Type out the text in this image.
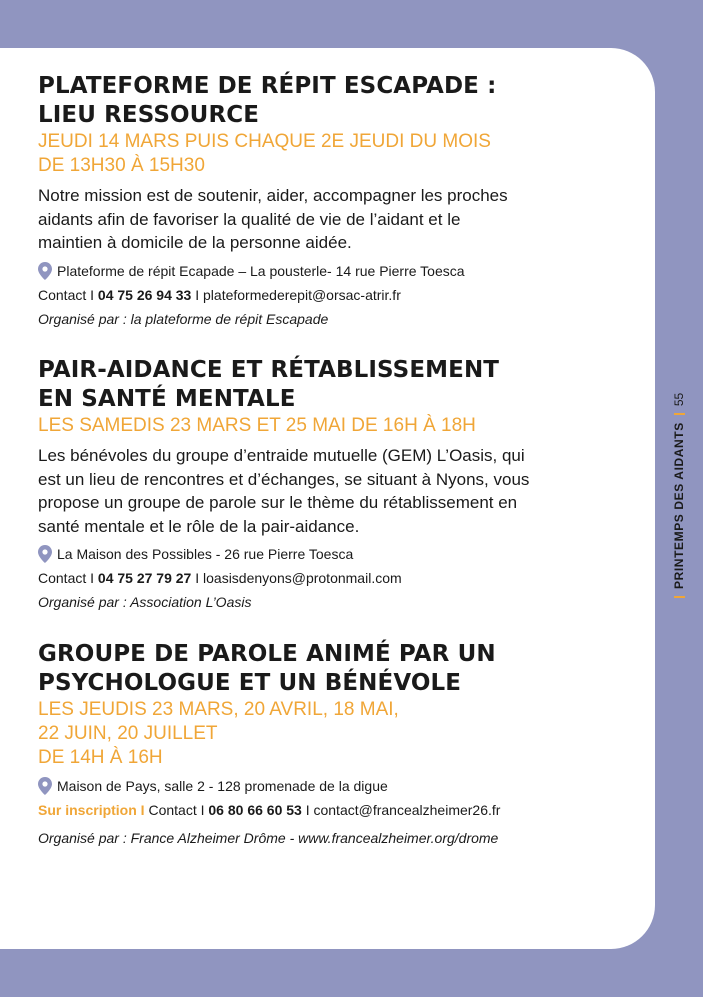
PLATEFORME DE RÉPIT ESCAPADE :
LIEU RESSOURCE

JEUDI 14 MARS PUIS CHAQUE 2E JEUDI DU MOIS
DE 13H30 À 15H30

Notre mission est de soutenir, aider, accompagner les proches
aidants afin de favoriser la qualité de vie de l’aidant et le
maintien à domicile de la personne aidée.

Plateforme de répit Ecapade – La pousterle- 14 rue Pierre Toesca

Contact I 04 75 26 94 33 I plateformederepit@orsac-atrir.fr

Organisé par : la plateforme de répit Escapade

PAIR-AIDANCE ET RÉTABLISSEMENT
EN SANTÉ MENTALE

LES SAMEDIS 23 MARS ET 25 MAI DE 16H À 18H

Les bénévoles du groupe d’entraide mutuelle (GEM) L’Oasis, qui
est un lieu de rencontres et d’échanges, se situant à Nyons, vous
propose un groupe de parole sur le thème du rétablissement en
santé mentale et le rôle de la pair-aidance.

La Maison des Possibles - 26 rue Pierre Toesca

Contact I 04 75 27 79 27 I loasisdenyons@protonmail.com

Organisé par : Association L’Oasis

GROUPE DE PAROLE ANIMÉ PAR UN
PSYCHOLOGUE ET UN BÉNÉVOLE

LES JEUDIS 23 MARS, 20 AVRIL, 18 MAI,
22 JUIN, 20 JUILLET
DE 14H À 16H

Maison de Pays, salle 2 - 128 promenade de la digue

Sur inscription I Contact I 06 80 66 60 53 I contact@francealzheimer26.fr

Organisé par : France Alzheimer Drôme - www.francealzheimer.org/drome

PRINTEMPS DES AIDANTS
55
